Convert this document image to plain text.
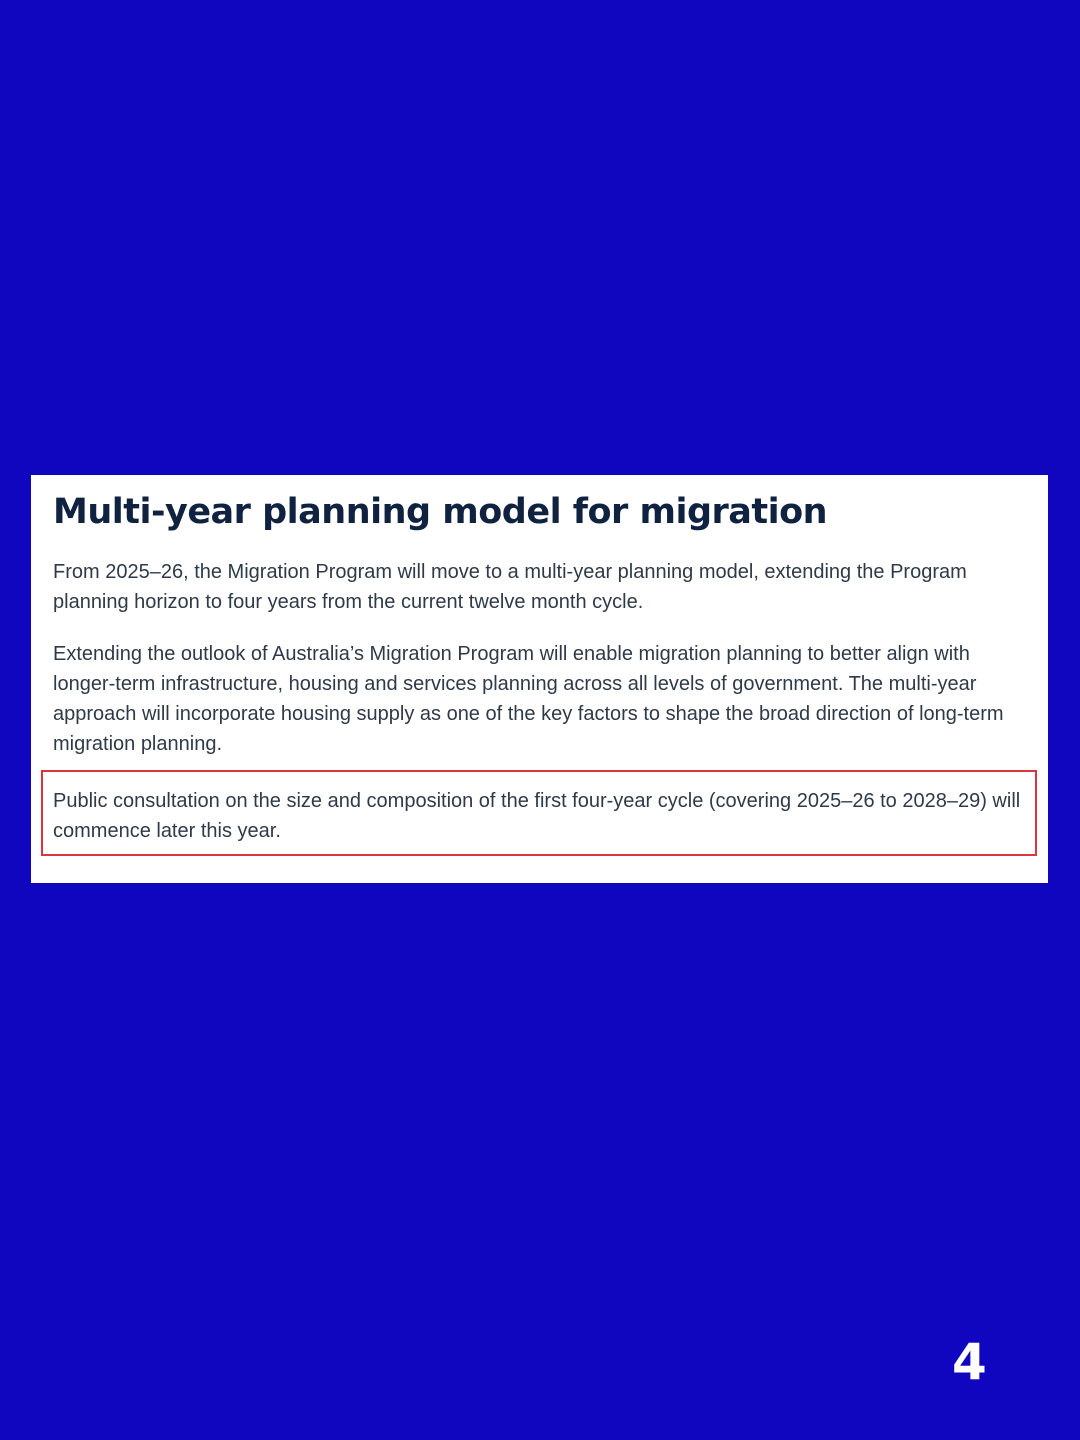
Multi-year planning model for migration

From 2025–26, the Migration Program will move to a multi-year planning model, extending the Program planning horizon to four years from the current twelve month cycle.

Extending the outlook of Australia’s Migration Program will enable migration planning to better align with longer-term infrastructure, housing and services planning across all levels of government. The multi-year approach will incorporate housing supply as one of the key factors to shape the broad direction of long-term migration planning.

Public consultation on the size and composition of the first four-year cycle (covering 2025–26 to 2028–29) will commence later this year.

4
